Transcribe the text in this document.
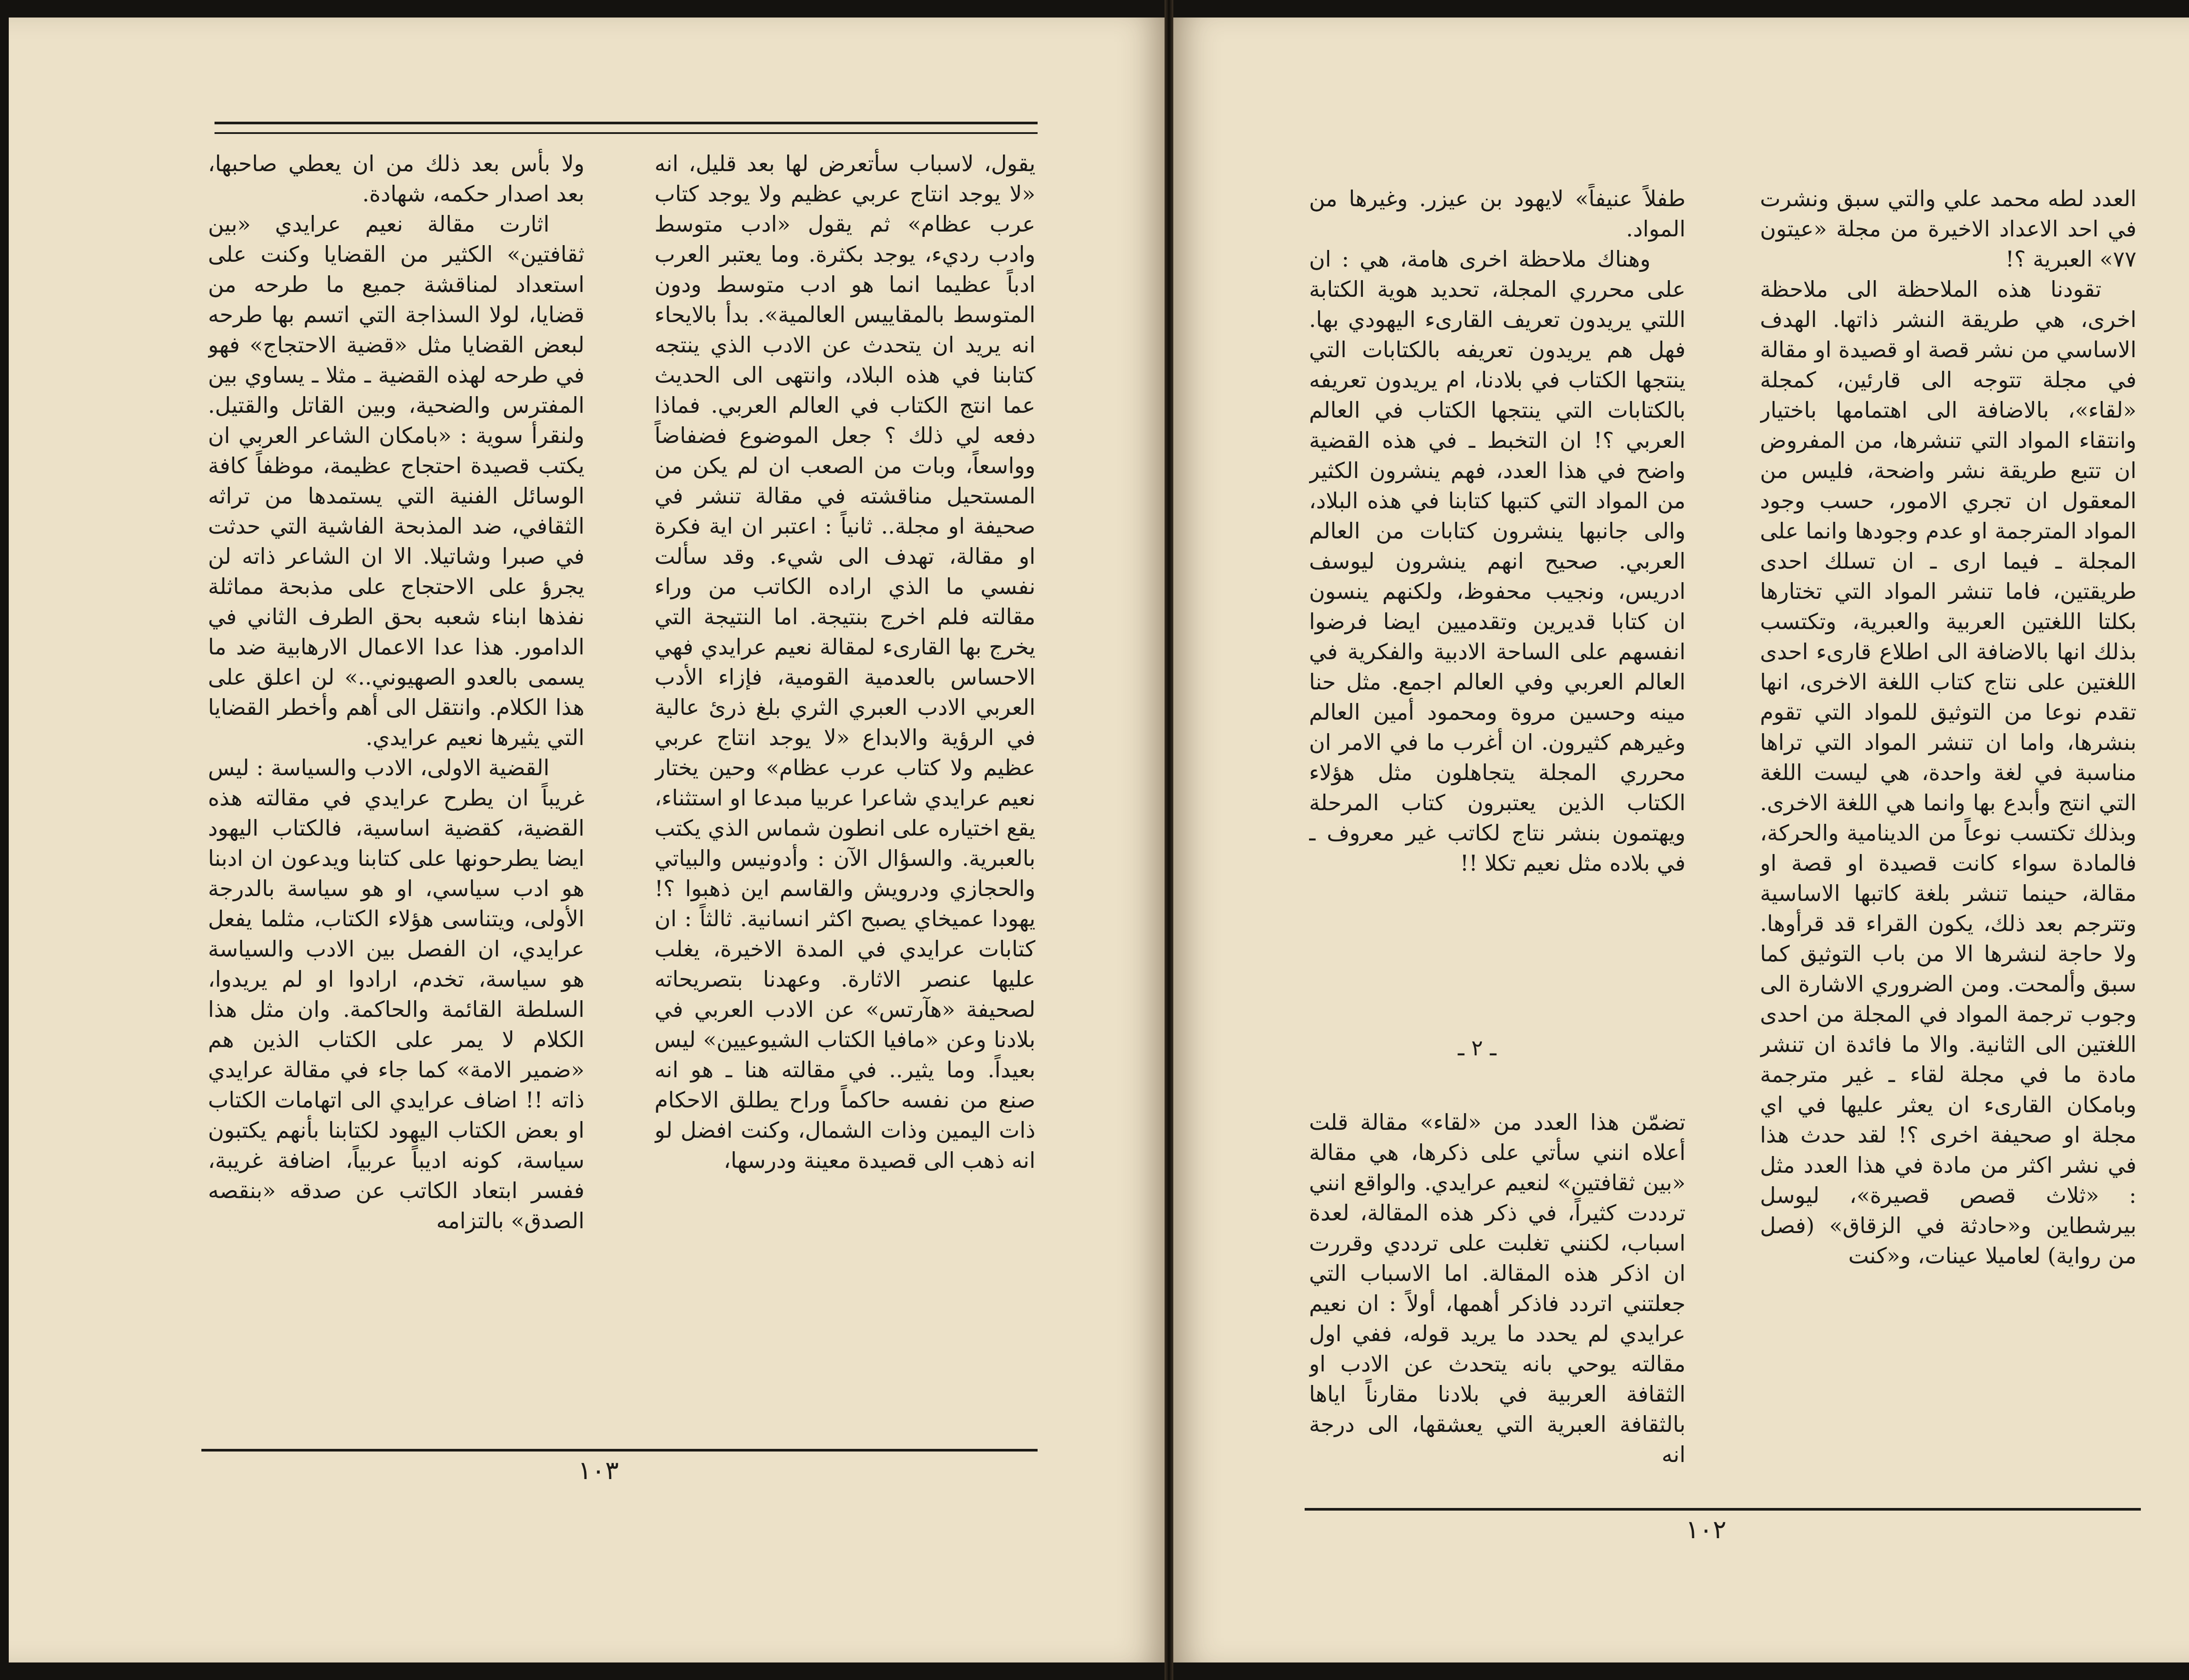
يقول، لاسباب سأتعرض لها بعد قليل، انه «لا يوجد انتاج عربي عظيم ولا يوجد كتاب عرب عظام» ثم يقول «ادب متوسط وادب رديء، يوجد بكثرة. وما يعتبر العرب ادباً عظيما انما هو ادب متوسط ودون المتوسط بالمقاييس العالمية». بدأ بالايحاء انه يريد ان يتحدث عن الادب الذي ينتجه كتابنا في هذه البلاد، وانتهى الى الحديث عما انتج الكتاب في العالم العربي. فماذا دفعه لي ذلك ؟ جعل الموضوع فضفاضاً وواسعاً، وبات من الصعب ان لم يكن من المستحيل مناقشته في مقالة تنشر في صحيفة او مجلة.. ثانياً : اعتبر ان اية فكرة او مقالة، تهدف الى شيء. وقد سألت نفسي ما الذي اراده الكاتب من وراء مقالته فلم اخرج بنتيجة. اما النتيجة التي يخرج بها القارىء لمقالة نعيم عرايدي فهي الاحساس بالعدمية القومية، فإزاء الأدب العربي الادب العبري الثري بلغ ذرئ عالية في الرؤية والابداع «لا يوجد انتاج عربي عظيم ولا كتاب عرب عظام» وحين يختار نعيم عرايدي شاعرا عربيا مبدعا او استثناء، يقع اختياره على انطون شماس الذي يكتب بالعبرية. والسؤال الآن : وأدونيس والبياتي والحجازي ودرويش والقاسم اين ذهبوا ؟! يهودا عميخاي يصبح اكثر انسانية. ثالثاً : ان كتابات عرايدي في المدة الاخيرة، يغلب عليها عنصر الاثارة. وعهدنا بتصريحاته لصحيفة «هآرتس» عن الادب العربي في بلادنا وعن «مافيا الكتاب الشيوعيين» ليس بعيداً. وما يثير.. في مقالته هنا ـ هو انه صنع من نفسه حاكماً وراح يطلق الاحكام ذات اليمين وذات الشمال، وكنت افضل لو انه ذهب الى قصيدة معينة ودرسها،

ولا بأس بعد ذلك من ان يعطي صاحبها، بعد اصدار حكمه، شهادة.

اثارت مقالة نعيم عرايدي «بين ثقافتين» الكثير من القضايا وكنت على استعداد لمناقشة جميع ما طرحه من قضايا، لولا السذاجة التي اتسم بها طرحه لبعض القضايا مثل «قضية الاحتجاج» فهو في طرحه لهذه القضية ـ مثلا ـ يساوي بين المفترس والضحية، وبين القاتل والقتيل. ولنقرأ سوية : «بامكان الشاعر العربي ان يكتب قصيدة احتجاج عظيمة، موظفاً كافة الوسائل الفنية التي يستمدها من تراثه الثقافي، ضد المذبحة الفاشية التي حدثت في صبرا وشاتيلا. الا ان الشاعر ذاته لن يجرؤ على الاحتجاج على مذبحة مماثلة نفذها ابناء شعبه بحق الطرف الثاني في الدامور. هذا عدا الاعمال الارهابية ضد ما يسمى بالعدو الصهيوني..» لن اعلق على هذا الكلام. وانتقل الى أهم وأخطر القضايا التي يثيرها نعيم عرايدي.

القضية الاولى، الادب والسياسة : ليس غريباً ان يطرح عرايدي في مقالته هذه القضية، كقضية اساسية، فالكتاب اليهود ايضا يطرحونها على كتابنا ويدعون ان ادبنا هو ادب سياسي، او هو سياسة بالدرجة الأولى، ويتناسى هؤلاء الكتاب، مثلما يفعل عرايدي، ان الفصل بين الادب والسياسة هو سياسة، تخدم، ارادوا او لم يريدوا، السلطة القائمة والحاكمة. وان مثل هذا الكلام لا يمر على الكتاب الذين هم «ضمير الامة» كما جاء في مقالة عرايدي ذاته !! اضاف عرايدي الى اتهامات الكتاب او بعض الكتاب اليهود لكتابنا بأنهم يكتبون سياسة، كونه اديباً عربياً، اضافة غريبة، ففسر ابتعاد الكاتب عن صدقه «بنقصه الصدق» بالتزامه

١٠٣

العدد لطه محمد علي والتي سبق ونشرت في احد الاعداد الاخيرة من مجلة «عيتون ٧٧» العبرية ؟!

تقودنا هذه الملاحظة الى ملاحظة اخرى، هي طريقة النشر ذاتها. الهدف الاساسي من نشر قصة او قصيدة او مقالة في مجلة تتوجه الى قارئين، كمجلة «لقاء»، بالاضافة الى اهتمامها باختيار وانتقاء المواد التي تنشرها، من المفروض ان تتبع طريقة نشر واضحة، فليس من المعقول ان تجري الامور، حسب وجود المواد المترجمة او عدم وجودها وانما على المجلة ـ فيما ارى ـ ان تسلك احدى طريقتين، فاما تنشر المواد التي تختارها بكلتا اللغتين العربية والعبرية، وتكتسب بذلك انها بالاضافة الى اطلاع قارىء احدى اللغتين على نتاج كتاب اللغة الاخرى، انها تقدم نوعا من التوثيق للمواد التي تقوم بنشرها، واما ان تنشر المواد التي تراها مناسبة في لغة واحدة، هي ليست اللغة التي انتج وأبدع بها وانما هي اللغة الاخرى. وبذلك تكتسب نوعاً من الدينامية والحركة، فالمادة سواء كانت قصيدة او قصة او مقالة، حينما تنشر بلغة كاتبها الاساسية وتترجم بعد ذلك، يكون القراء قد قرأوها. ولا حاجة لنشرها الا من باب التوثيق كما سبق وألمحت. ومن الضروري الاشارة الى وجوب ترجمة المواد في المجلة من احدى اللغتين الى الثانية. والا ما فائدة ان تنشر مادة ما في مجلة لقاء ـ غير مترجمة وبامكان القارىء ان يعثر عليها في اي مجلة او صحيفة اخرى ؟! لقد حدث هذا في نشر اكثر من مادة في هذا العدد مثل : «ثلاث قصص قصيرة»، ليوسل بيرشطاين و«حادثة في الزقاق» (فصل من رواية) لعاميلا عينات، و«كنت

طفلاً عنيفاً» لايهود بن عيزر. وغيرها من المواد.

وهناك ملاحظة اخرى هامة، هي : ان على محرري المجلة، تحديد هوية الكتابة اللتي يريدون تعريف القارىء اليهودي بها. فهل هم يريدون تعريفه بالكتابات التي ينتجها الكتاب في بلادنا، ام يريدون تعريفه بالكتابات التي ينتجها الكتاب في العالم العربي ؟! ان التخبط ـ في هذه القضية واضح في هذا العدد، فهم ينشرون الكثير من المواد التي كتبها كتابنا في هذه البلاد، والى جانبها ينشرون كتابات من العالم العربي. صحيح انهم ينشرون ليوسف ادريس، ونجيب محفوظ، ولكنهم ينسون ان كتابا قديرين وتقدميين ايضا فرضوا انفسهم على الساحة الادبية والفكرية في العالم العربي وفي العالم اجمع. مثل حنا مينه وحسين مروة ومحمود أمين العالم وغيرهم كثيرون. ان أغرب ما في الامر ان محرري المجلة يتجاهلون مثل هؤلاء الكتاب الذين يعتبرون كتاب المرحلة ويهتمون بنشر نتاج لكاتب غير معروف ـ في بلاده مثل نعيم تكلا !!

ـ ٢ ـ

تضمّن هذا العدد من «لقاء» مقالة قلت أعلاه انني سأتي على ذكرها، هي مقالة «بين ثقافتين» لنعيم عرايدي. والواقع انني ترددت كثيراً، في ذكر هذه المقالة، لعدة اسباب، لكنني تغلبت على ترددي وقررت ان اذكر هذه المقالة. اما الاسباب التي جعلتني اتردد فاذكر أهمها، أولاً : ان نعيم عرايدي لم يحدد ما يريد قوله، ففي اول مقالته يوحي بانه يتحدث عن الادب او الثقافة العربية في بلادنا مقارناً اياها بالثقافة العبرية التي يعشقها، الى درجة انه

١٠٢
